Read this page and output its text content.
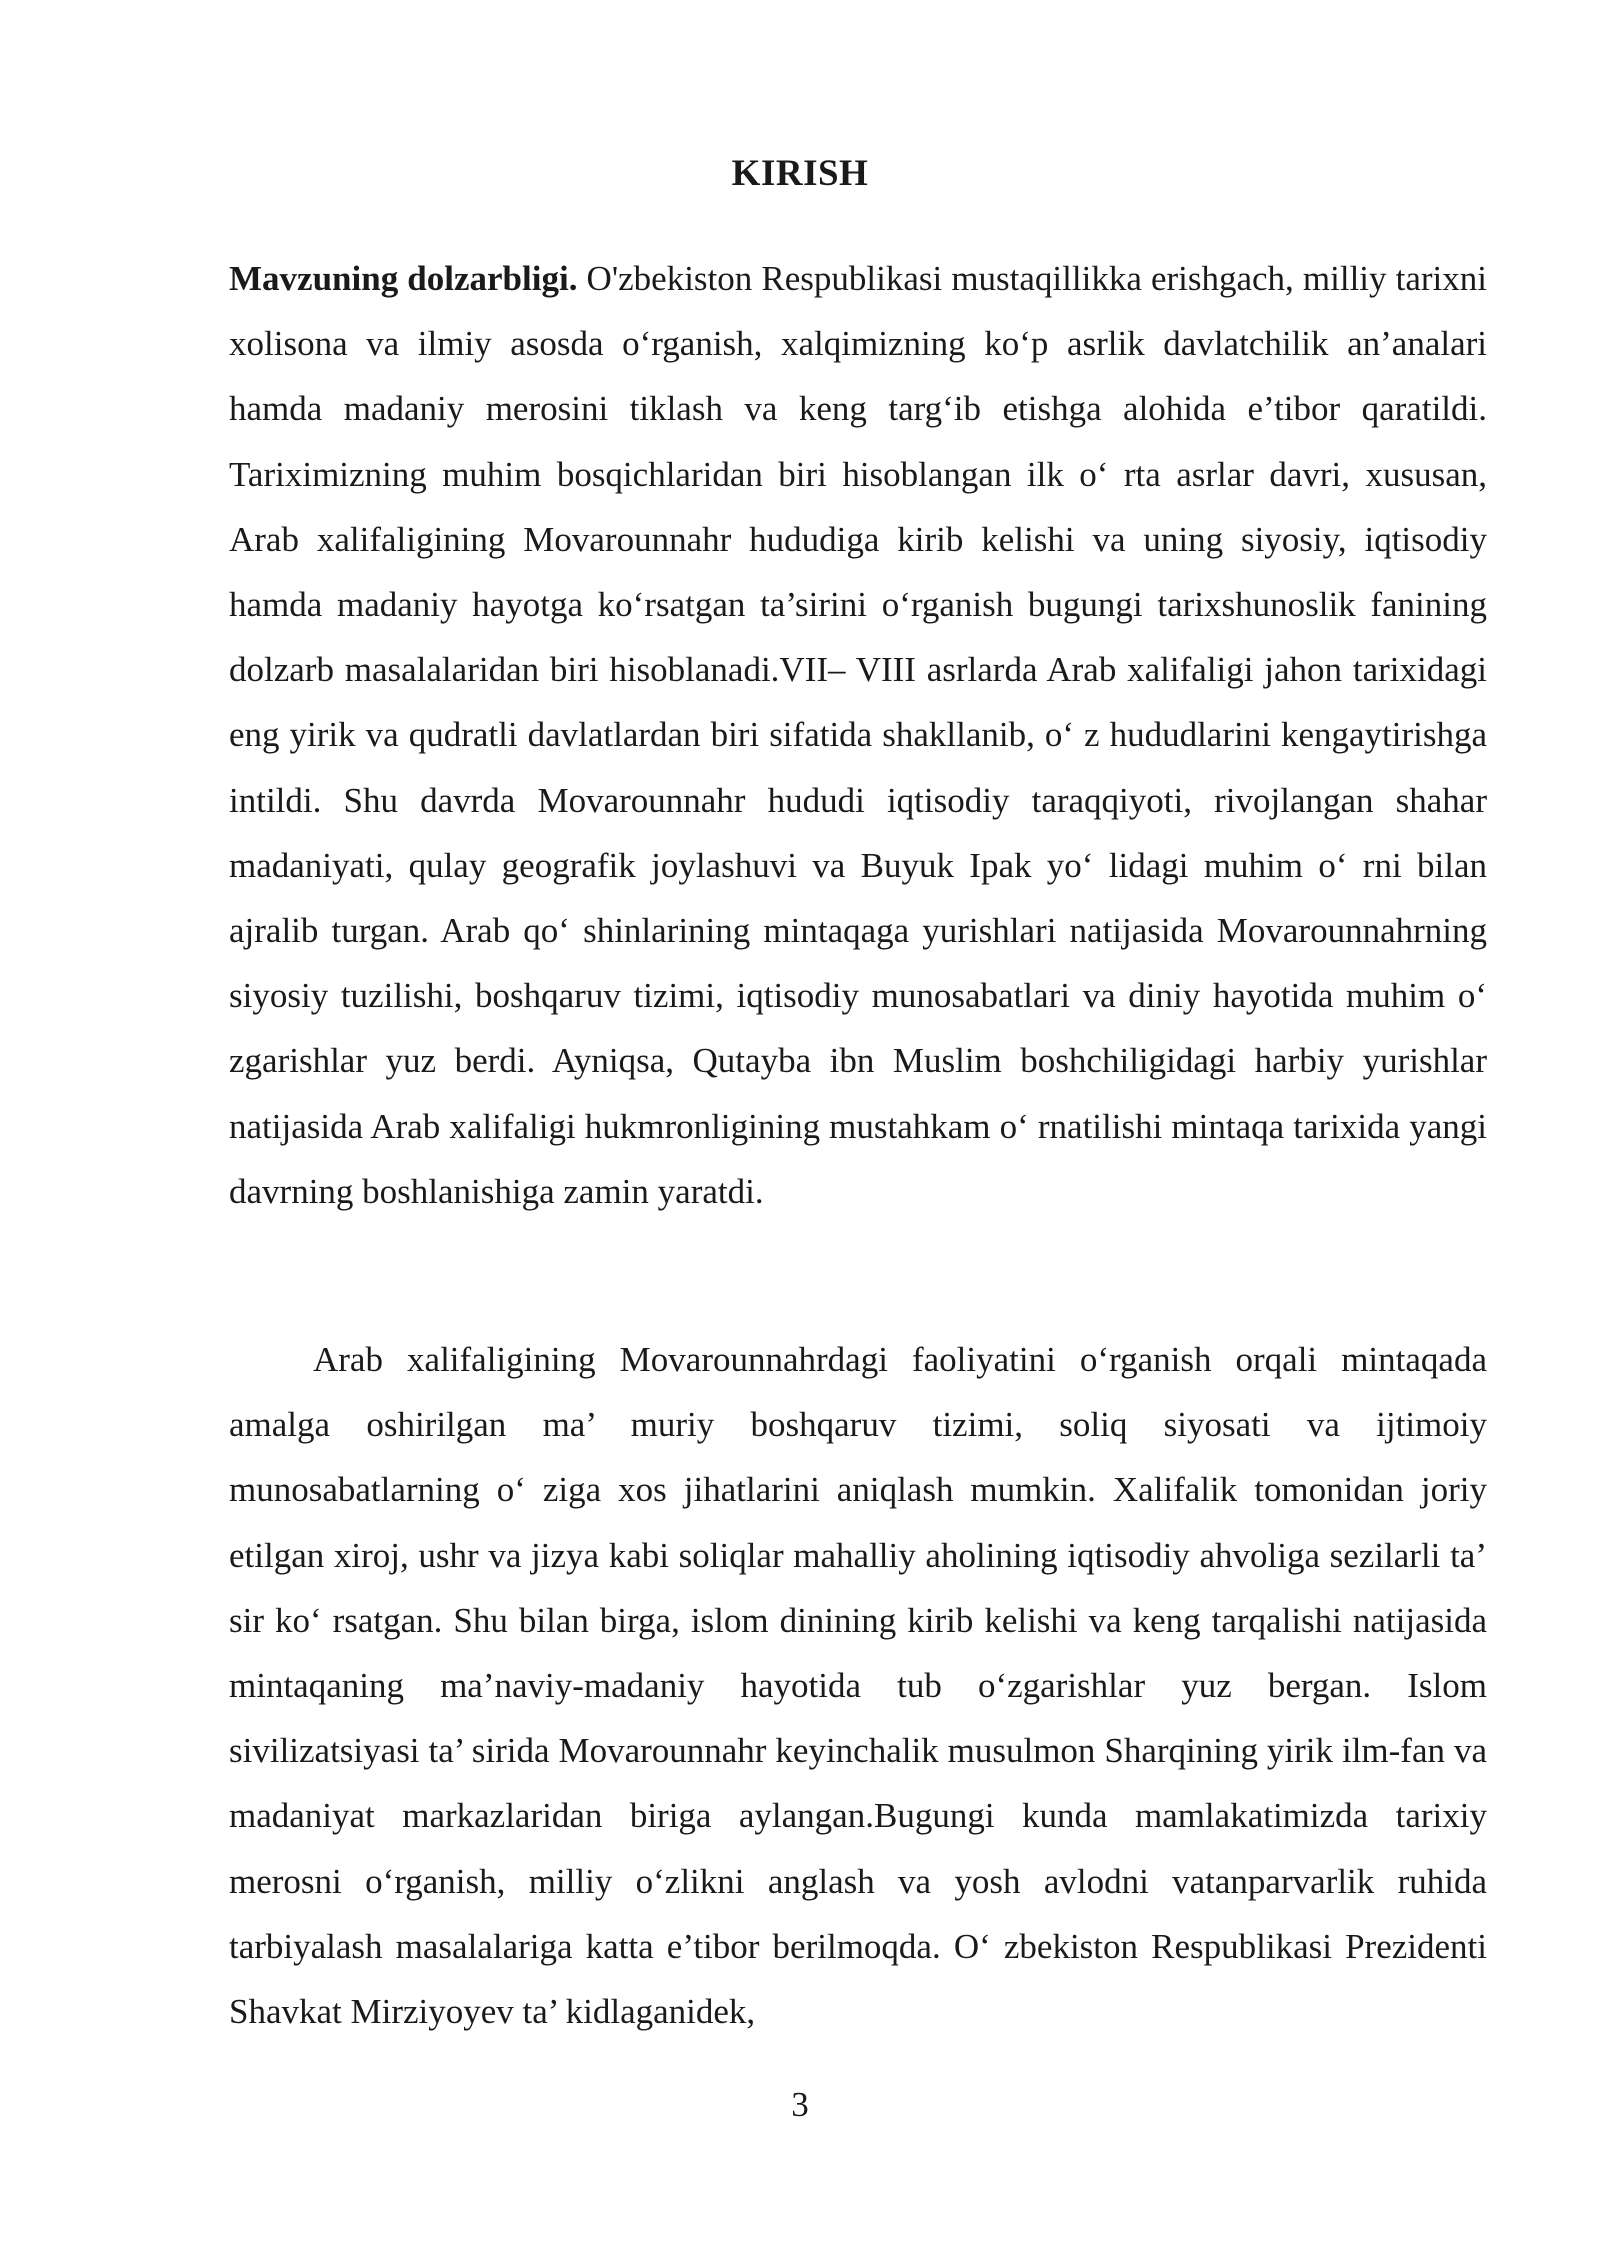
KIRISH

Mavzuning dolzarbligi. O'zbekiston Respublikasi mustaqillikka erishgach, milliy tarixni xolisona va ilmiy asosda o‘rganish, xalqimizning ko‘p asrlik davlatchilik an’analari hamda madaniy merosini tiklash va keng targ‘ib etishga alohida e’tibor qaratildi. Tariximizning muhim bosqichlaridan biri hisoblangan ilk o‘ rta asrlar davri, xususan, Arab xalifaligining Movarounnahr hududiga kirib kelishi va uning siyosiy, iqtisodiy hamda madaniy hayotga ko‘rsatgan ta’sirini o‘rganish bugungi tarixshunoslik fanining dolzarb masalalaridan biri hisoblanadi.VII– VIII asrlarda Arab xalifaligi jahon tarixidagi eng yirik va qudratli davlatlardan biri sifatida shakllanib, o‘ z hududlarini kengaytirishga intildi. Shu davrda Movarounnahr hududi iqtisodiy taraqqiyoti, rivojlangan shahar madaniyati, qulay geografik joylashuvi va Buyuk Ipak yo‘ lidagi muhim o‘ rni bilan ajralib turgan. Arab qo‘ shinlarining mintaqaga yurishlari natijasida Movarounnahrning siyosiy tuzilishi, boshqaruv tizimi, iqtisodiy munosabatlari va diniy hayotida muhim o‘ zgarishlar yuz berdi. Ayniqsa, Qutayba ibn Muslim boshchiligidagi harbiy yurishlar natijasida Arab xalifaligi hukmronligining mustahkam o‘ rnatilishi mintaqa tarixida yangi davrning boshlanishiga zamin yaratdi.

Arab xalifaligining Movarounnahrdagi faoliyatini o‘rganish orqali mintaqada amalga oshirilgan ma’ muriy boshqaruv tizimi, soliq siyosati va ijtimoiy munosabatlarning o‘ ziga xos jihatlarini aniqlash mumkin. Xalifalik tomonidan joriy etilgan xiroj, ushr va jizya kabi soliqlar mahalliy aholining iqtisodiy ahvoliga sezilarli ta’ sir ko‘ rsatgan. Shu bilan birga, islom dinining kirib kelishi va keng tarqalishi natijasida mintaqaning ma’naviy-madaniy hayotida tub o‘zgarishlar yuz bergan. Islom sivilizatsiyasi ta’ sirida Movarounnahr keyinchalik musulmon Sharqining yirik ilm-fan va madaniyat markazlaridan biriga aylangan.Bugungi kunda mamlakatimizda tarixiy merosni o‘rganish, milliy o‘zlikni anglash va yosh avlodni vatanparvarlik ruhida tarbiyalash masalalariga katta e’tibor berilmoqda. O‘ zbekiston Respublikasi Prezidenti Shavkat Mirziyoyev ta’ kidlaganidek,

3
